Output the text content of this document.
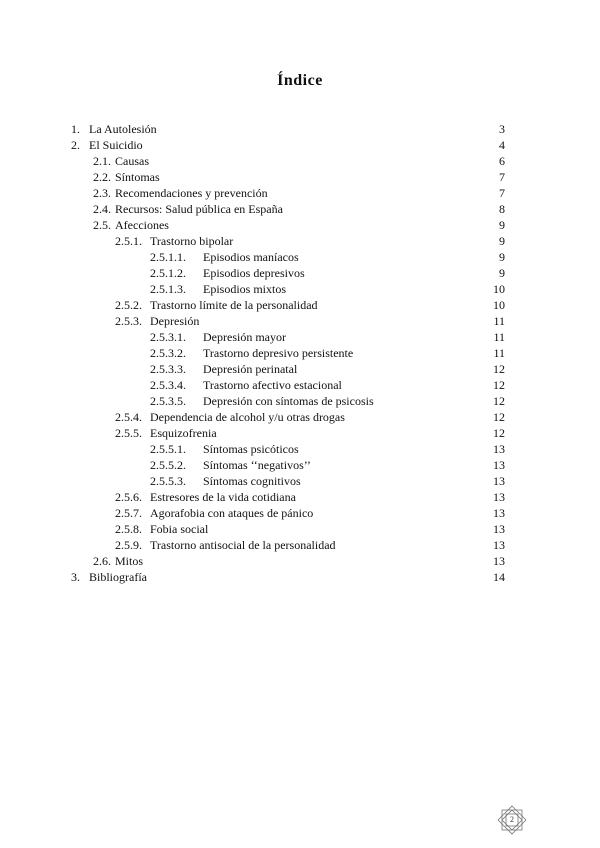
Índice
1. La Autolesión	3
2. El Suicidio	4
2.1. Causas	6
2.2. Síntomas	7
2.3. Recomendaciones y prevención	7
2.4. Recursos: Salud pública en España	8
2.5. Afecciones	9
2.5.1. Trastorno bipolar	9
2.5.1.1. Episodios maníacos	9
2.5.1.2. Episodios depresivos	9
2.5.1.3. Episodios mixtos	10
2.5.2. Trastorno límite de la personalidad	10
2.5.3. Depresión	11
2.5.3.1. Depresión mayor	11
2.5.3.2. Trastorno depresivo persistente	11
2.5.3.3. Depresión perinatal	12
2.5.3.4. Trastorno afectivo estacional	12
2.5.3.5. Depresión con síntomas de psicosis	12
2.5.4. Dependencia de alcohol y/u otras drogas	12
2.5.5. Esquizofrenia	12
2.5.5.1. Síntomas psicóticos	13
2.5.5.2. Síntomas ‘‘negativos’’	13
2.5.5.3. Síntomas cognitivos	13
2.5.6. Estresores de la vida cotidiana	13
2.5.7. Agorafobia con ataques de pánico	13
2.5.8. Fobia social	13
2.5.9. Trastorno antisocial de la personalidad	13
2.6. Mitos	13
3. Bibliografía	14
2
